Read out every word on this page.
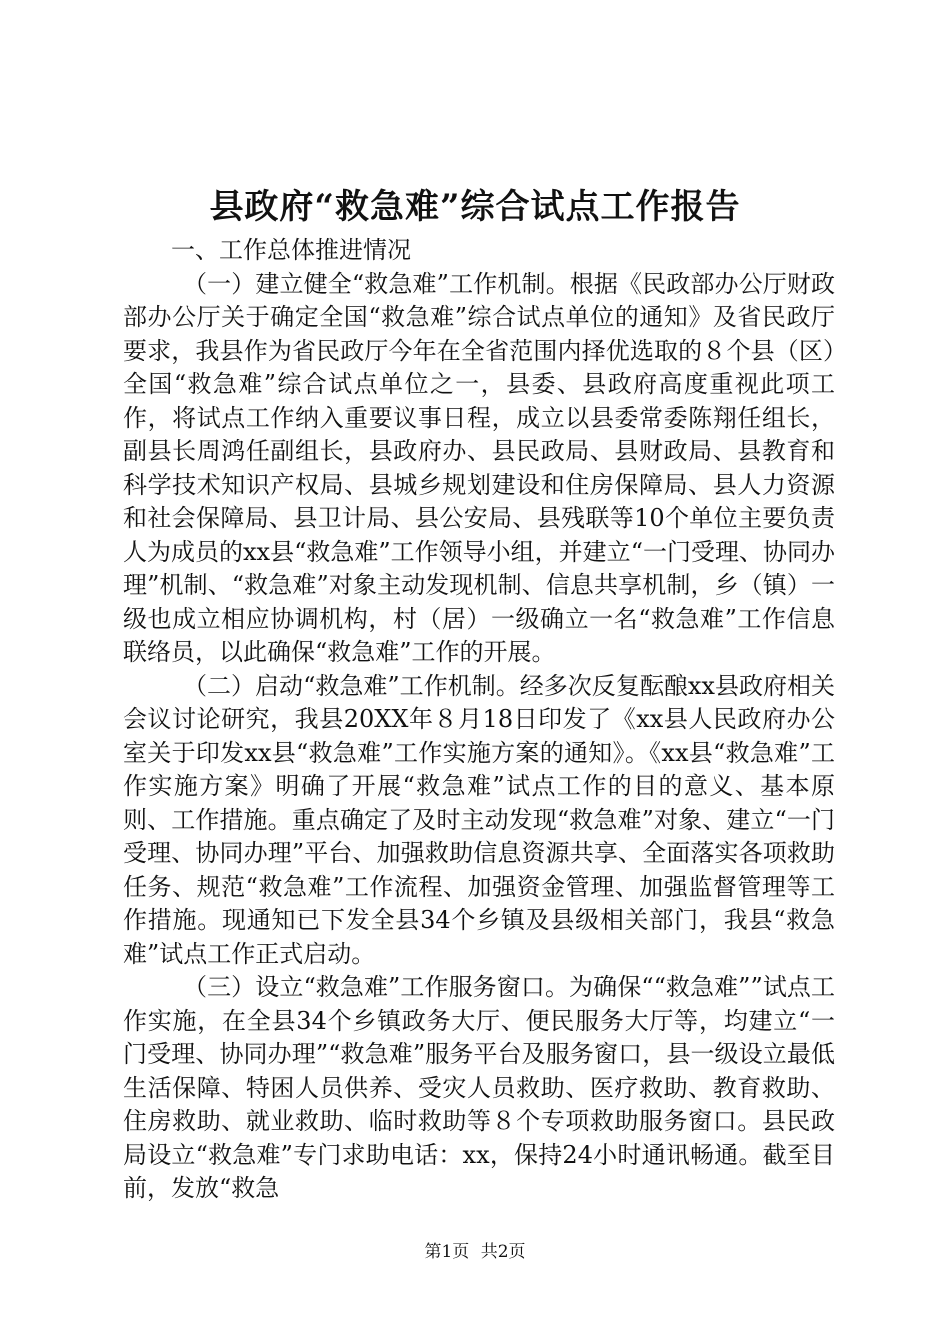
县政府“救急难”综合试点工作报告

一、工作总体推进情况

（一）建立健全“救急难”工作机制。根据《民政部办公厅财政部办公厅关于确定全国“救急难”综合试点单位的通知》及省民政厅要求，我县作为省民政厅今年在全省范围内择优选取的８个县（区）全国“救急难”综合试点单位之一，县委、县政府高度重视此项工作，将试点工作纳入重要议事日程，成立以县委常委陈翔任组长，副县长周鸿任副组长，县政府办、县民政局、县财政局、县教育和科学技术知识产权局、县城乡规划建设和住房保障局、县人力资源和社会保障局、县卫计局、县公安局、县残联等10个单位主要负责人为成员的xx县“救急难”工作领导小组，并建立“一门受理、协同办理”机制、“救急难”对象主动发现机制、信息共享机制，乡（镇）一级也成立相应协调机构，村（居）一级确立一名“救急难”工作信息联络员，以此确保“救急难”工作的开展。

（二）启动“救急难”工作机制。经多次反复酝酿xx县政府相关会议讨论研究，我县20XX年８月18日印发了《xx县人民政府办公室关于印发xx县“救急难”工作实施方案的通知》。《xx县“救急难”工作实施方案》明确了开展“救急难”试点工作的目的意义、基本原则、工作措施。重点确定了及时主动发现“救急难”对象、建立“一门受理、协同办理”平台、加强救助信息资源共享、全面落实各项救助任务、规范“救急难”工作流程、加强资金管理、加强监督管理等工作措施。现通知已下发全县34个乡镇及县级相关部门，我县“救急难”试点工作正式启动。

（三）设立“救急难”工作服务窗口。为确保““救急难””试点工作实施，在全县34个乡镇政务大厅、便民服务大厅等，均建立“一门受理、协同办理”“救急难”服务平台及服务窗口，县一级设立最低生活保障、特困人员供养、受灾人员救助、医疗救助、教育救助、住房救助、就业救助、临时救助等８个专项救助服务窗口。县民政局设立“救急难”专门求助电话：xx，保持24小时通讯畅通。截至目前，发放“救急

第1页 共2页
